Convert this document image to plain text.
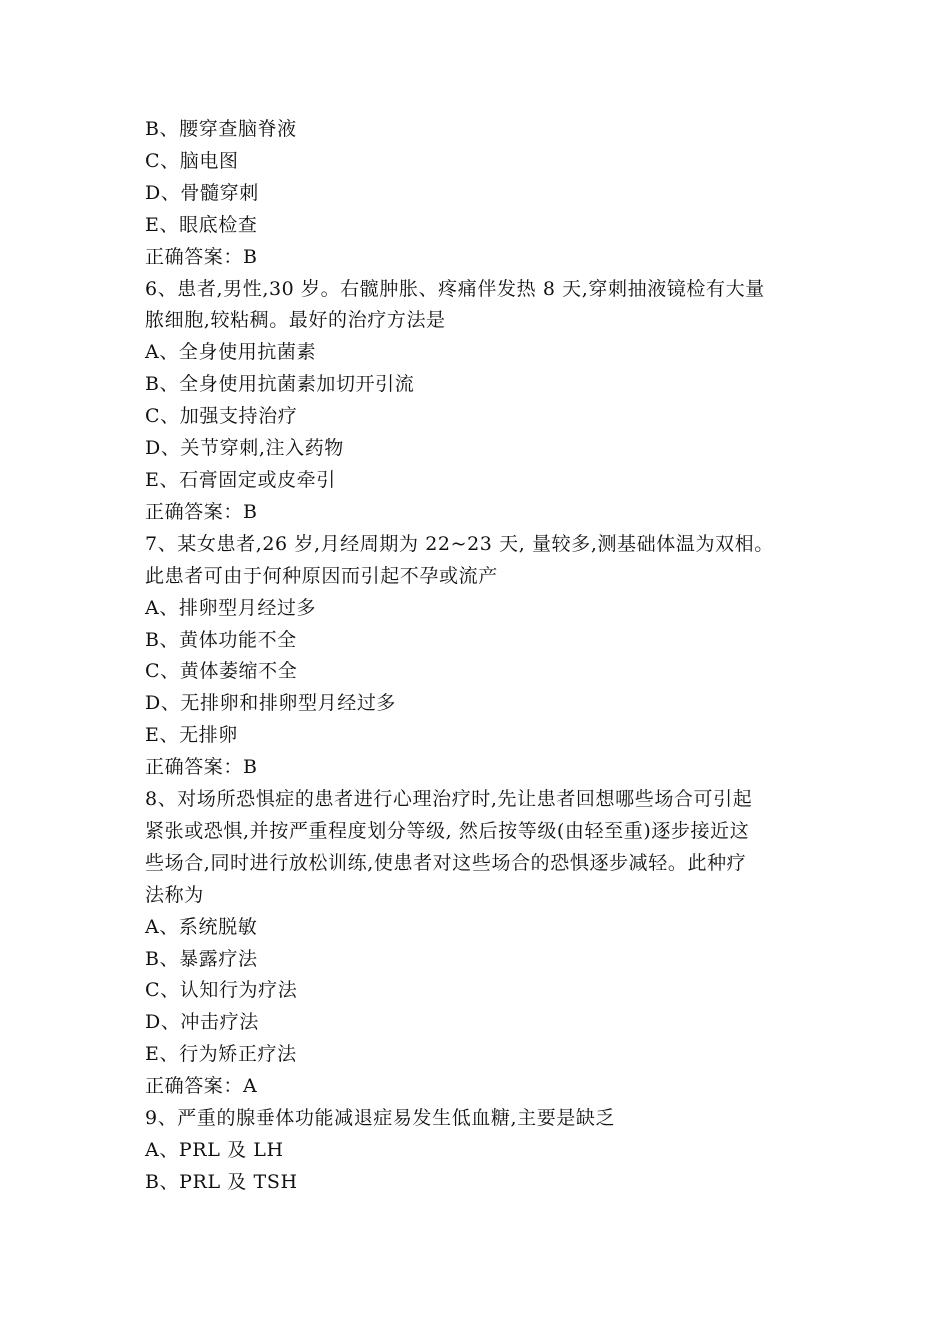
B、腰穿查脑脊液
C、脑电图
D、骨髓穿刺
E、眼底检查
正确答案：B
6、患者,男性,30 岁。右髋肿胀、疼痛伴发热 8 天,穿刺抽液镜检有大量
脓细胞,较粘稠。最好的治疗方法是
A、全身使用抗菌素
B、全身使用抗菌素加切开引流
C、加强支持治疗
D、关节穿刺,注入药物
E、石膏固定或皮牵引
正确答案：B
7、某女患者,26 岁,月经周期为 22~23 天, 量较多,测基础体温为双相。
此患者可由于何种原因而引起不孕或流产
A、排卵型月经过多
B、黄体功能不全
C、黄体萎缩不全
D、无排卵和排卵型月经过多
E、无排卵
正确答案：B
8、对场所恐惧症的患者进行心理治疗时,先让患者回想哪些场合可引起
紧张或恐惧,并按严重程度划分等级, 然后按等级(由轻至重)逐步接近这
些场合,同时进行放松训练,使患者对这些场合的恐惧逐步减轻。此种疗
法称为
A、系统脱敏
B、暴露疗法
C、认知行为疗法
D、冲击疗法
E、行为矫正疗法
正确答案：A
9、严重的腺垂体功能减退症易发生低血糖,主要是缺乏
A、PRL 及 LH
B、PRL 及 TSH
